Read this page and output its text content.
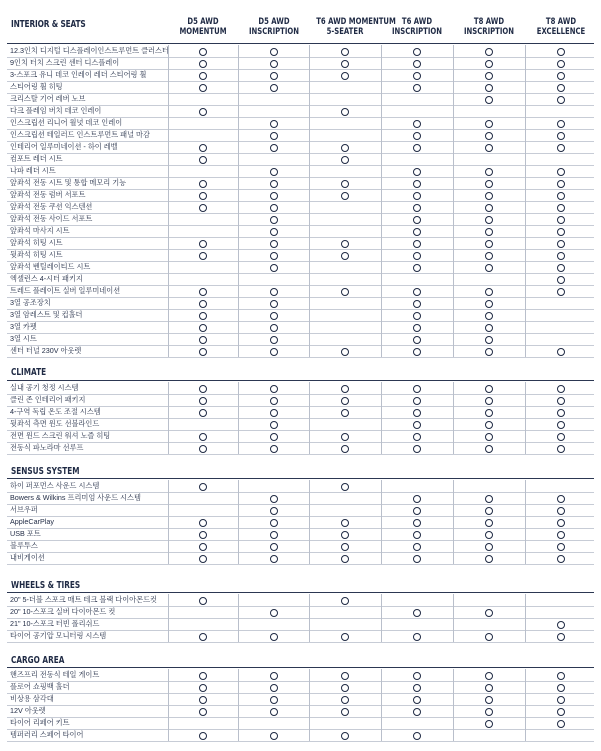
INTERIOR & SEATS	D5 AWD
MOMENTUM
D5 AWD
INSCRIPTION
T6 AWD MOMENTUM
5-SEATER
T6 AWD
INSCRIPTION
T8 AWD
INSCRIPTION
T8 AWD
EXCELLENCE
12.3인치 디지털 디스플레이인스트루먼트 클러스터
9인치 터치 스크린 센터 디스플레이
3-스포크 유니 데코 인레이 레더 스티어링 휠
스티어링 휠 히팅
크리스탈 기어 레버 노브
다크 플레임 버치 데코 인레이
인스크립션 리니어 월넛 데코 인레이
인스크립션 테일러드 인스트루먼트 패널 마감
인테리어 일루미네이션 - 하이 레벨
컴포트 레더 시트
나파 레더 시트
앞좌석 전동 시트 및 통합 메모리 기능
앞좌석 전동 럼버 서포트
앞좌석 전동 쿠션 익스텐션
앞좌석 전동 사이드 서포트
앞좌석 마사지 시트
앞좌석 히팅 시트
뒷좌석 히팅 시트
앞좌석 벤틸레이티드 시트
엑셀런스 4-시터 패키지
트레드 플레이트 실버 일루미네이션
3열 공조장치
3열 암레스트 및 컵홀더
3열 카펫
3열 시트
센터 터널 230V 아웃렛
CLIMATE
실내 공기 청정 시스템
클린 존 인테리어 패키지
4-구역 독립 온도 조절 시스템
뒷좌석 측면 윈도 선블라인드
전면 윈드 스크린 워셔 노즐 히팅
전동식 파노라마 선루프
SENSUS SYSTEM
하이 퍼포먼스 사운드 시스템
Bowers & Wilkins 프리미엄 사운드 시스템
서브우퍼
AppleCarPlay
USB 포트
블루투스
내비게이션
WHEELS & TIRES
20" 5-더블 스포크 매트 테크 블랙 다이아몬드컷
20" 10-스포크 실버 다이아몬드 컷
21" 10-스포크 터빈 폴리쉬드
타이어 공기압 모니터링 시스템
CARGO AREA
핸즈프리 전동식 테일 게이트
플로어 쇼핑백 홀더
비상용 삼각대
12V 아웃렛
타이어 리페어 키트
템퍼러리 스페어 타이어
